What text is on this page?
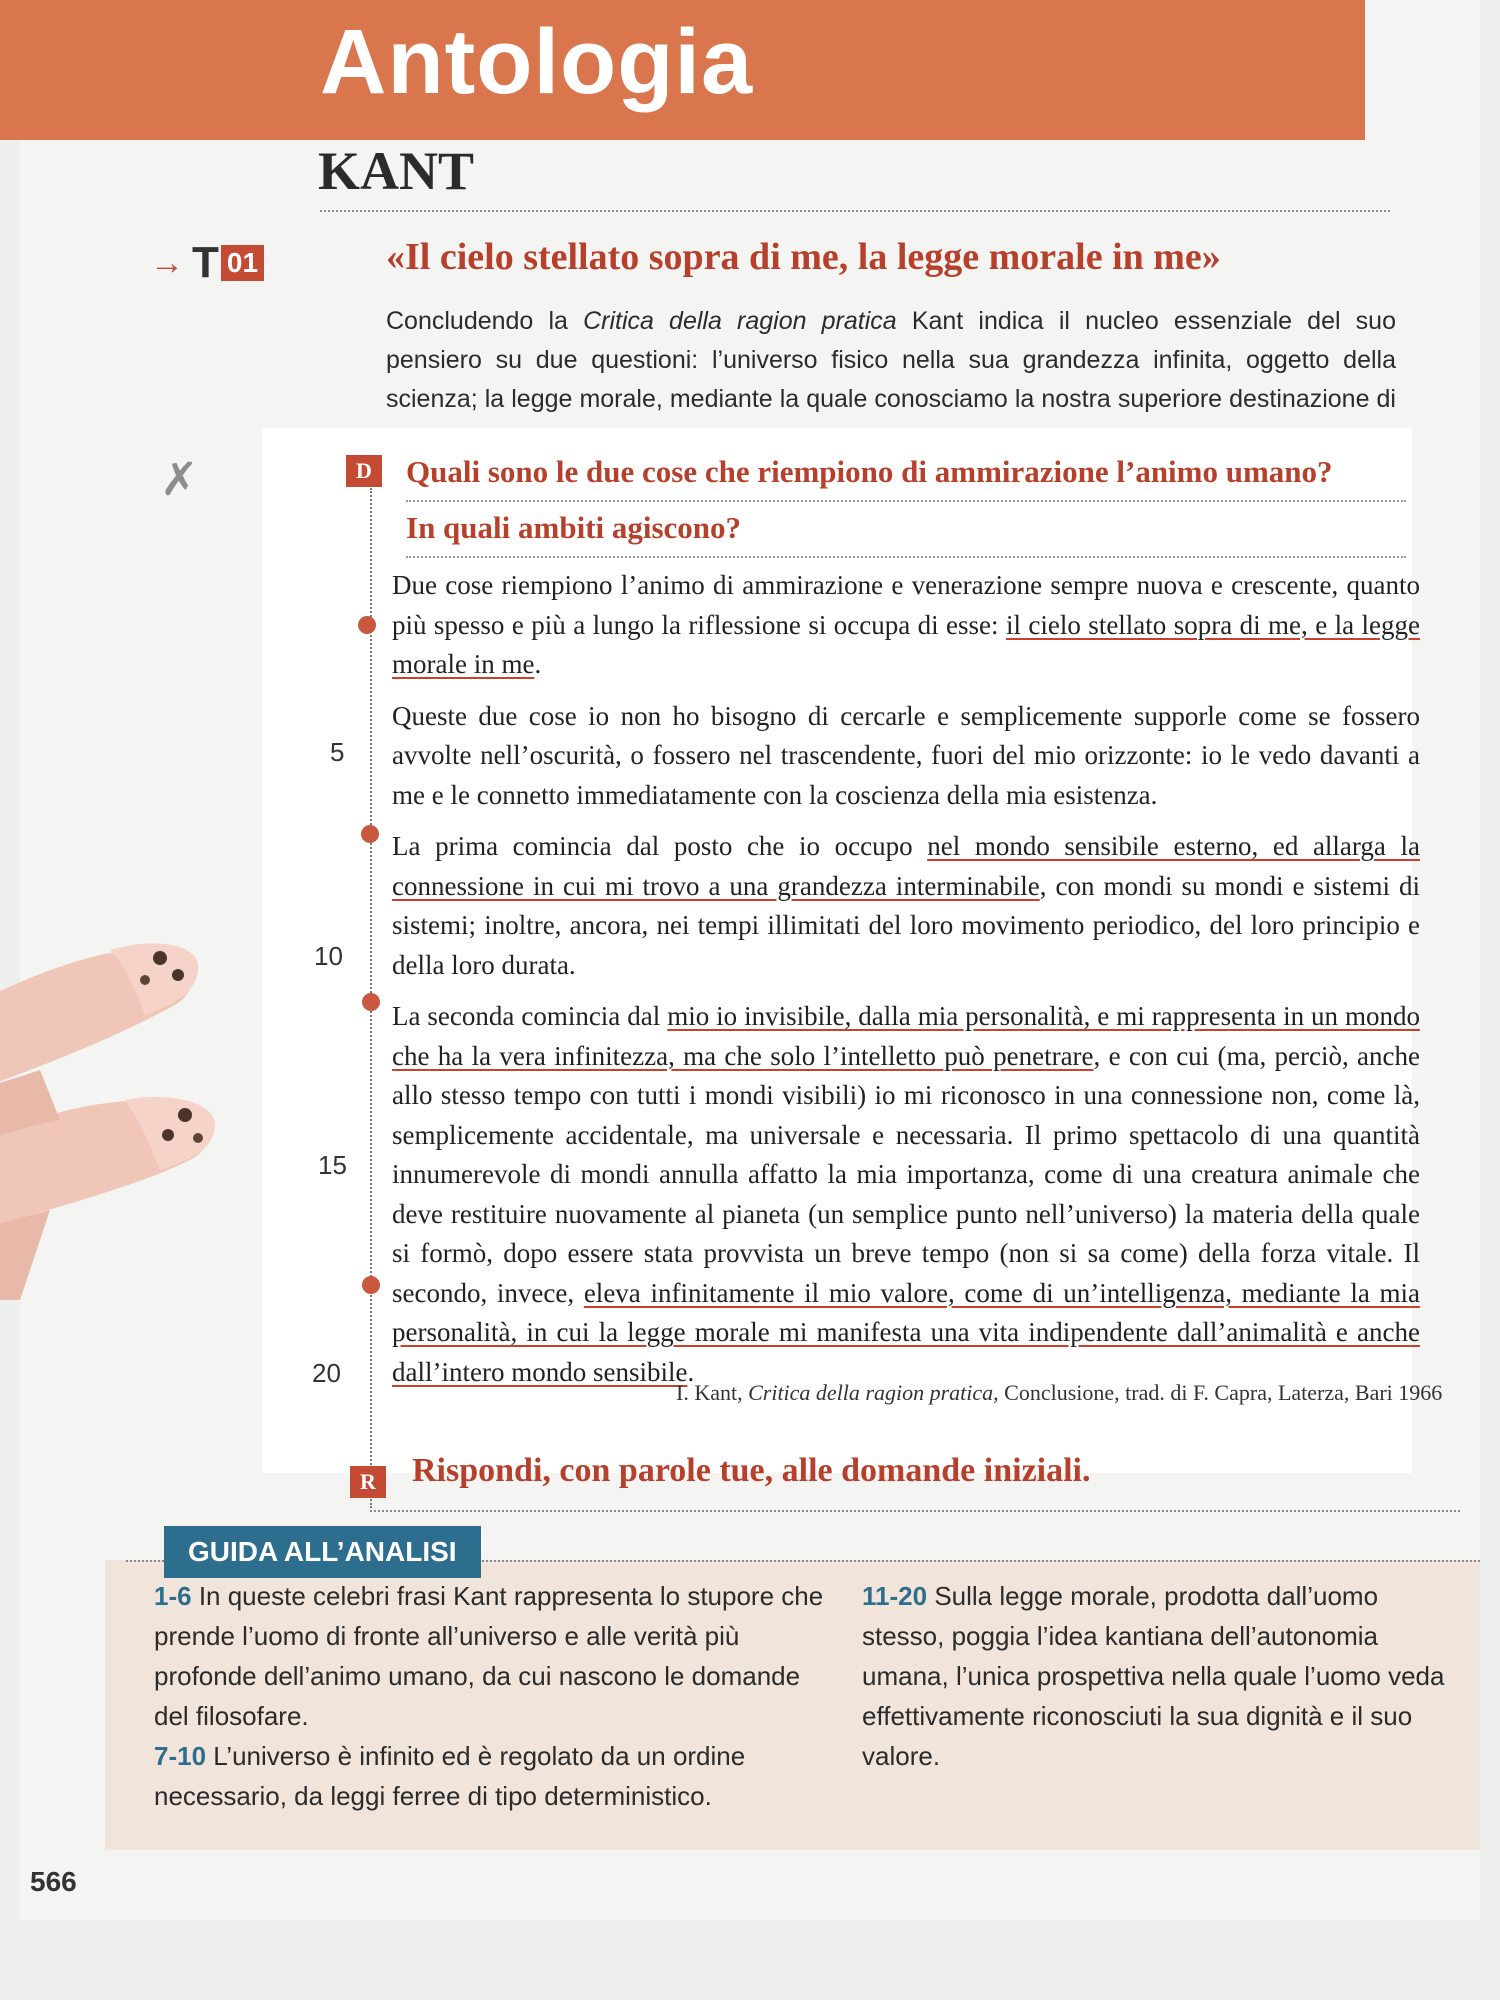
Antologia
KANT
→ T 01	«Il cielo stellato sopra di me, la legge morale in me»
Concludendo la Critica della ragion pratica Kant indica il nucleo essenziale del suo pensiero su due questioni: l’universo fisico nella sua grandezza infinita, oggetto della scienza; la legge morale, mediante la quale conosciamo la nostra superiore destinazione di
✗	D	Quali sono le due cose che riempiono di ammirazione l’animo umano?
In quali ambiti agiscono?

Due cose riempiono l’animo di ammirazione e venerazione sempre nuova e crescente, quanto più spesso e più a lungo la riflessione si occupa di esse: il cielo stellato sopra di me, e la legge morale in me.

Queste due cose io non ho bisogno di cercarle e semplicemente supporle come se fossero avvolte nell’oscurità, o fossero nel trascendente, fuori del mio orizzonte: io le vedo davanti a me e le connetto immediatamente con la coscienza della mia esistenza.

La prima comincia dal posto che io occupo nel mondo sensibile esterno, ed allarga la connessione in cui mi trovo a una grandezza interminabile, con mondi su mondi e sistemi di sistemi; inoltre, ancora, nei tempi illimitati del loro movimento periodico, del loro principio e della loro durata.

La seconda comincia dal mio io invisibile, dalla mia personalità, e mi rappresenta in un mondo che ha la vera infinitezza, ma che solo l’intelletto può penetrare, e con cui (ma, perciò, anche allo stesso tempo con tutti i mondi visibili) io mi riconosco in una connessione non, come là, semplicemente accidentale, ma universale e necessaria. Il primo spettacolo di una quantità innumerevole di mondi annulla affatto la mia importanza, come di una creatura animale che deve restituire nuovamente al pianeta (un semplice punto nell’universo) la materia della quale si formò, dopo essere stata provvista un breve tempo (non si sa come) della forza vitale. Il secondo, invece, eleva infinitamente il mio valore, come di un’intelligenza, mediante la mia personalità, in cui la legge morale mi manifesta una vita indipendente dall’animalità e anche dall’intero mondo sensibile.

5
10
15
20
I. Kant, Critica della ragion pratica, Conclusione, trad. di F. Capra, Laterza, Bari 1966
R Rispondi, con parole tue, alle domande iniziali.
GUIDA ALL’ANALISI

1-6 In queste celebri frasi Kant rappresenta lo stupore che prende l’uomo di fronte all’universo e alle verità più profonde dell’animo umano, da cui nascono le domande del filosofare.

7-10 L’universo è infinito ed è regolato da un ordine necessario, da leggi ferree di tipo deterministico.

11-20 Sulla legge morale, prodotta dall’uomo stesso, poggia l’idea kantiana dell’autonomia umana, l’unica prospettiva nella quale l’uomo veda effettivamente riconosciuti la sua dignità e il suo valore.

566
